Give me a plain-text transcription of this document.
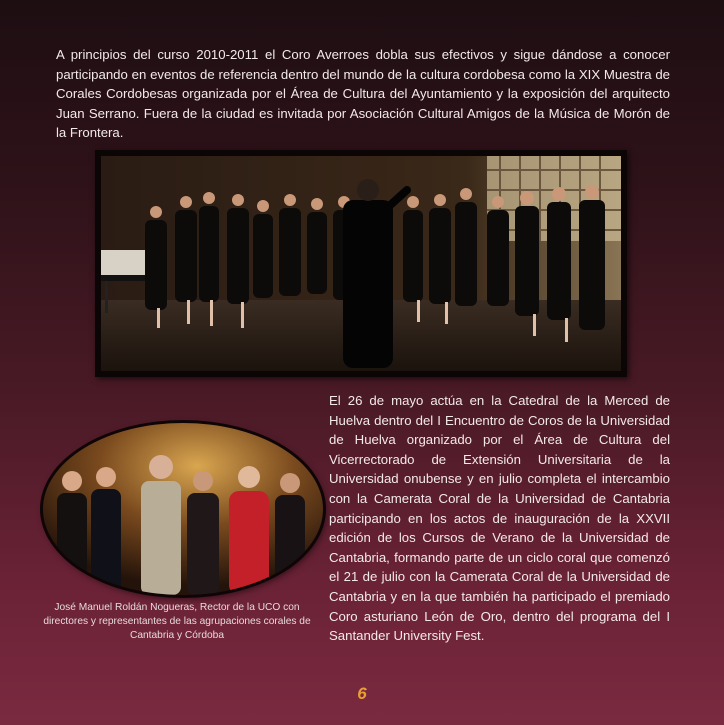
A principios del curso 2010-2011 el Coro Averroes dobla sus efectivos y sigue dándose a conocer participando en eventos de referencia dentro del mundo de la cultura cordobesa como la XIX Muestra de Corales Cordobesas organizada por el Área de Cultura del Ayuntamiento y la exposición del arquitecto Juan Serrano. Fuera de la ciudad es invitada por Asociación Cultural Amigos de la Música de Morón de la Frontera.

José Manuel Roldán Nogueras, Rector de la UCO con directores y representantes de las agrupaciones corales de Cantabria y Córdoba

El 26 de mayo actúa en la Catedral de la Merced de Huelva dentro del I Encuentro de Coros de la Universidad de Huelva organizado por el Área de Cultura del Vicerrectorado de Extensión Universitaria de la Universidad onubense y en julio completa el intercambio con la Camerata Coral de la Universidad de Cantabria participando en los actos de inauguración de la XXVII edición de los Cursos de Verano de la Universidad de Cantabria, formando parte de un ciclo coral que comenzó el 21 de julio con la Camerata Coral de la Universidad de Cantabria y en la que también ha participado el premiado Coro asturiano León de Oro, dentro del programa del I Santander University Fest.

6
